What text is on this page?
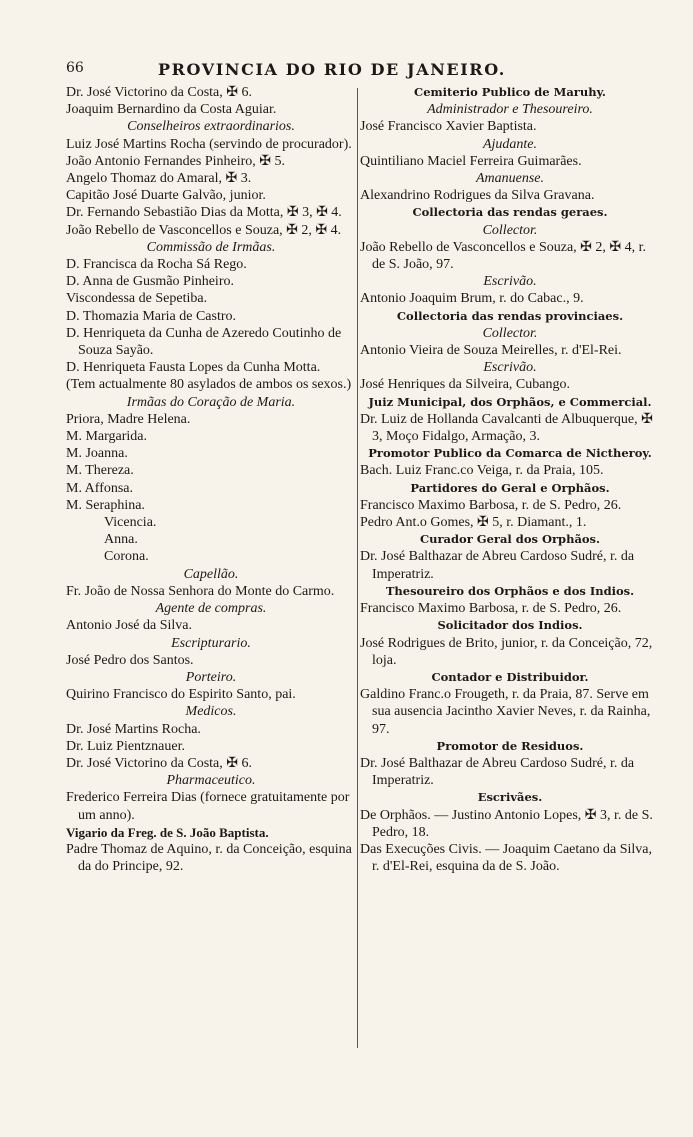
66	PROVINCIA DO RIO DE JANEIRO.
Dr. José Victorino da Costa, ✠ 6.
Joaquim Bernardino da Costa Aguiar.
Conselheiros extraordinarios.
Luiz José Martins Rocha (servindo de procurador).
João Antonio Fernandes Pinheiro, ✠ 5.
Angelo Thomaz do Amaral, ✠ 3.
Capitão José Duarte Galvão, junior.
Dr. Fernando Sebastião Dias da Motta, ✠ 3, ✠ 4.
João Rebello de Vasconcellos e Souza, ✠ 2, ✠ 4.
Commissão de Irmãas.
D. Francisca da Rocha Sá Rego.
D. Anna de Gusmão Pinheiro.
Viscondessa de Sepetiba.
D. Thomazia Maria de Castro.
D. Henriqueta da Cunha de Azeredo Coutinho de Souza Sayão.
D. Henriqueta Fausta Lopes da Cunha Motta.
(Tem actualmente 80 asylados de ambos os sexos.)
Irmãas do Coração de Maria.
Priora, Madre Helena.
M. Margarida.
M. Joanna.
M. Thereza.
M. Affonsa.
M. Seraphina.
Vicencia.
Anna.
Corona.
Capellão.
Fr. João de Nossa Senhora do Monte do Carmo.
Agente de compras.
Antonio José da Silva.
Escripturario.
José Pedro dos Santos.
Porteiro.
Quirino Francisco do Espirito Santo, pai.
Medicos.
Dr. José Martins Rocha.
Dr. Luiz Pientznauer.
Dr. José Victorino da Costa, ✠ 6.
Pharmaceutico.
Frederico Ferreira Dias (fornece gratuitamente por um anno).
Vigario da Freg. de S. João Baptista.
Padre Thomaz de Aquino, r. da Conceição, esquina da do Principe, 92.
Cemiterio Publico de Maruhy.
Administrador e Thesoureiro.
José Francisco Xavier Baptista.
Ajudante.
Quintiliano Maciel Ferreira Guimarães.
Amanuense.
Alexandrino Rodrigues da Silva Gravana.
Collectoria das rendas geraes.
Collector.
João Rebello de Vasconcellos e Souza, ✠ 2, ✠ 4, r. de S. João, 97.
Escrivão.
Antonio Joaquim Brum, r. do Cabac., 9.
Collectoria das rendas provinciaes.
Collector.
Antonio Vieira de Souza Meirelles, r. d'El-Rei.
Escrivão.
José Henriques da Silveira, Cubango.
Juiz Municipal, dos Orphãos, e Commercial.
Dr. Luiz de Hollanda Cavalcanti de Albuquerque, ✠ 3, Moço Fidalgo, Armação, 3.
Promotor Publico da Comarca de Nictheroy.
Bach. Luiz Franc.co Veiga, r. da Praia, 105.
Partidores do Geral e Orphãos.
Francisco Maximo Barbosa, r. de S. Pedro, 26.
Pedro Ant.o Gomes, ✠ 5, r. Diamant., 1.
Curador Geral dos Orphãos.
Dr. José Balthazar de Abreu Cardoso Sudré, r. da Imperatriz.
Thesoureiro dos Orphãos e dos Indios.
Francisco Maximo Barbosa, r. de S. Pedro, 26.
Solicitador dos Indios.
José Rodrigues de Brito, junior, r. da Conceição, 72, loja.
Contador e Distribuidor.
Galdino Franc.o Frougeth, r. da Praia, 87. Serve em sua ausencia Jacintho Xavier Neves, r. da Rainha, 97.
Promotor de Residuos.
Dr. José Balthazar de Abreu Cardoso Sudré, r. da Imperatriz.
Escrivães.
De Orphãos. — Justino Antonio Lopes, ✠ 3, r. de S. Pedro, 18.
Das Execuções Civis. — Joaquim Caetano da Silva, r. d'El-Rei, esquina da de S. João.
